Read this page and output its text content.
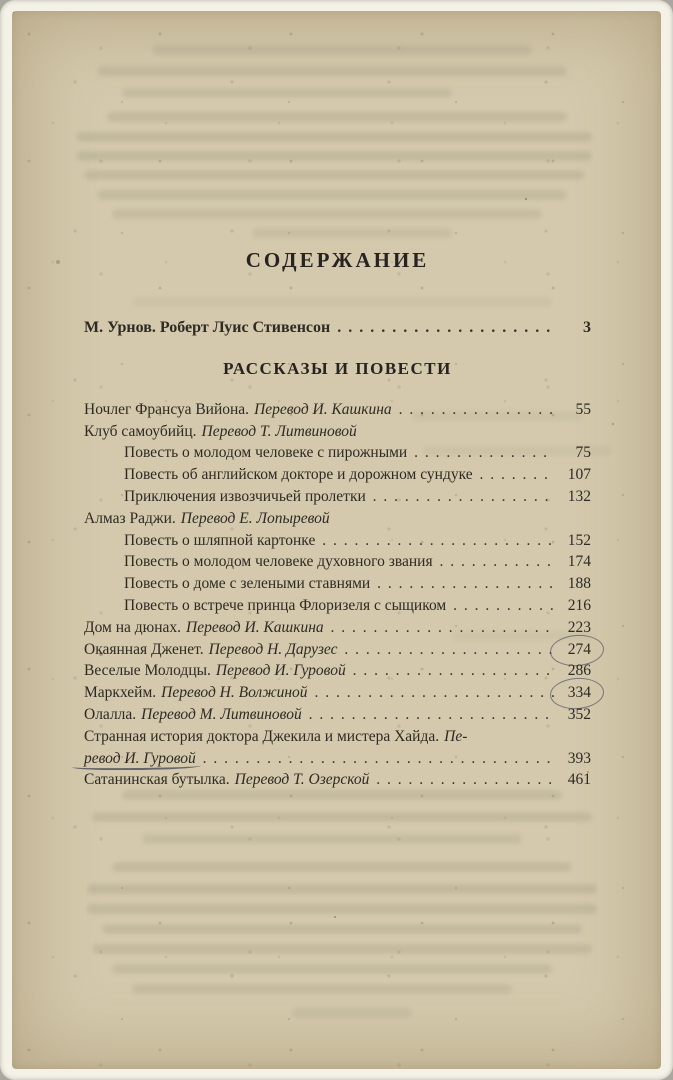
СОДЕРЖАНИЕ
М. Урнов. Роберт Луис Стивенсон . . .	3
РАССКАЗЫ И ПОВЕСТИ
Ночлег Франсуа Вийона. Перевод И. Кашкина . . .	55
Клуб самоубийц. Перевод Т. Литвиновой
Повесть о молодом человеке с пирожными . . .	75
Повесть об английском докторе и дорожном сундуке . . .	107
Приключения извозчичьей пролетки . . .	132
Алмаз Раджи. Перевод Е. Лопыревой
Повесть о шляпной картонке . . .	152
Повесть о молодом человеке духовного звания . . .	174
Повесть о доме с зелеными ставнями . . .	188
Повесть о встрече принца Флоризеля с сыщиком . . .	216
Дом на дюнах. Перевод И. Кашкина . . .	223
Окаянная Дженет. Перевод Н. Дарузес . . .	274
Веселые Молодцы. Перевод И. Гуровой . . .	286
Маркхейм. Перевод Н. Волжиной . . .	334
Олалла. Перевод М. Литвиновой . . .	352
Странная история доктора Джекила и мистера Хайда. Пе-
ревод И. Гуровой . . .	393
Сатанинская бутылка. Перевод Т. Озерской . . .	461
